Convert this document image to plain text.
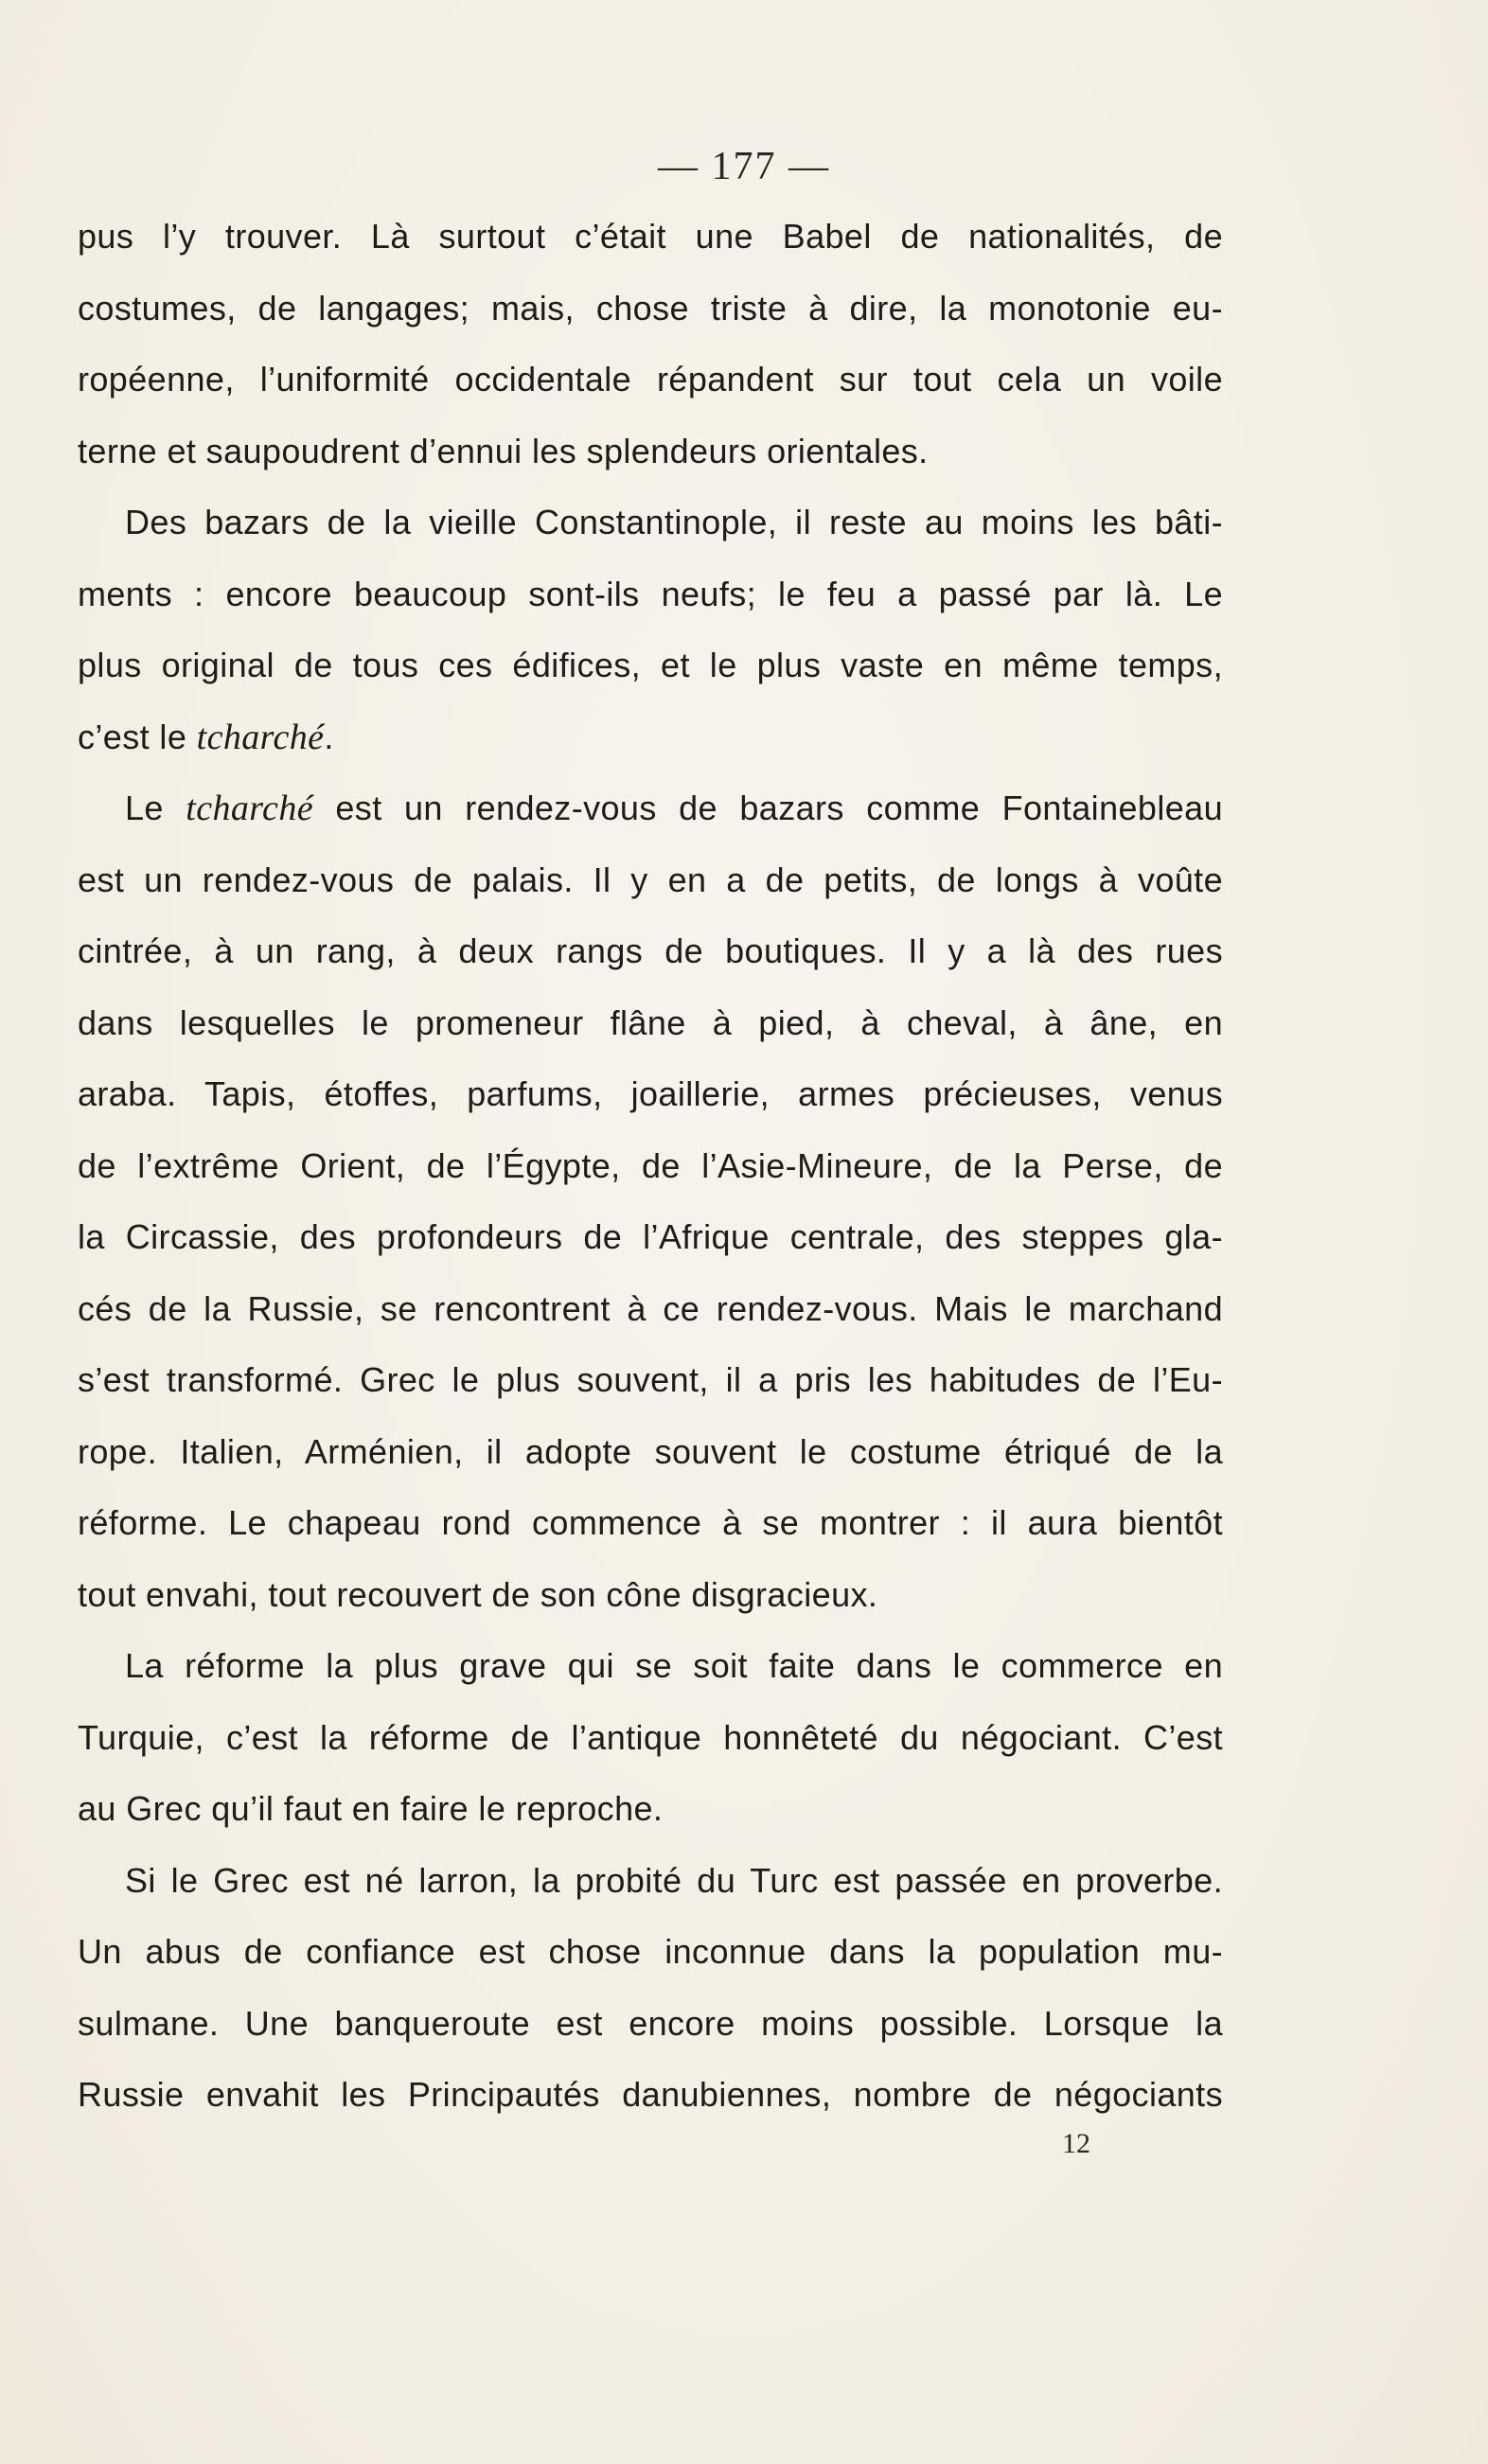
— 177 —
pus l’y trouver. Là surtout c’était une Babel de nationalités, de
costumes, de langages; mais, chose triste à dire, la monotonie eu-
ropéenne, l’uniformité occidentale répandent sur tout cela un voile
terne et saupoudrent d’ennui les splendeurs orientales.
Des bazars de la vieille Constantinople, il reste au moins les bâti-
ments : encore beaucoup sont-ils neufs; le feu a passé par là. Le
plus original de tous ces édifices, et le plus vaste en même temps,
c’est le tcharché.
Le tcharché est un rendez-vous de bazars comme Fontainebleau
est un rendez-vous de palais. Il y en a de petits, de longs à voûte
cintrée, à un rang, à deux rangs de boutiques. Il y a là des rues
dans lesquelles le promeneur flâne à pied, à cheval, à âne, en
araba. Tapis, étoffes, parfums, joaillerie, armes précieuses, venus
de l’extrême Orient, de l’Égypte, de l’Asie-Mineure, de la Perse, de
la Circassie, des profondeurs de l’Afrique centrale, des steppes gla-
cés de la Russie, se rencontrent à ce rendez-vous. Mais le marchand
s’est transformé. Grec le plus souvent, il a pris les habitudes de l’Eu-
rope. Italien, Arménien, il adopte souvent le costume étriqué de la
réforme. Le chapeau rond commence à se montrer : il aura bientôt
tout envahi, tout recouvert de son cône disgracieux.
La réforme la plus grave qui se soit faite dans le commerce en
Turquie, c’est la réforme de l’antique honnêteté du négociant. C’est
au Grec qu’il faut en faire le reproche.
Si le Grec est né larron, la probité du Turc est passée en proverbe.
Un abus de confiance est chose inconnue dans la population mu-
sulmane. Une banqueroute est encore moins possible. Lorsque la
Russie envahit les Principautés danubiennes, nombre de négociants
12
